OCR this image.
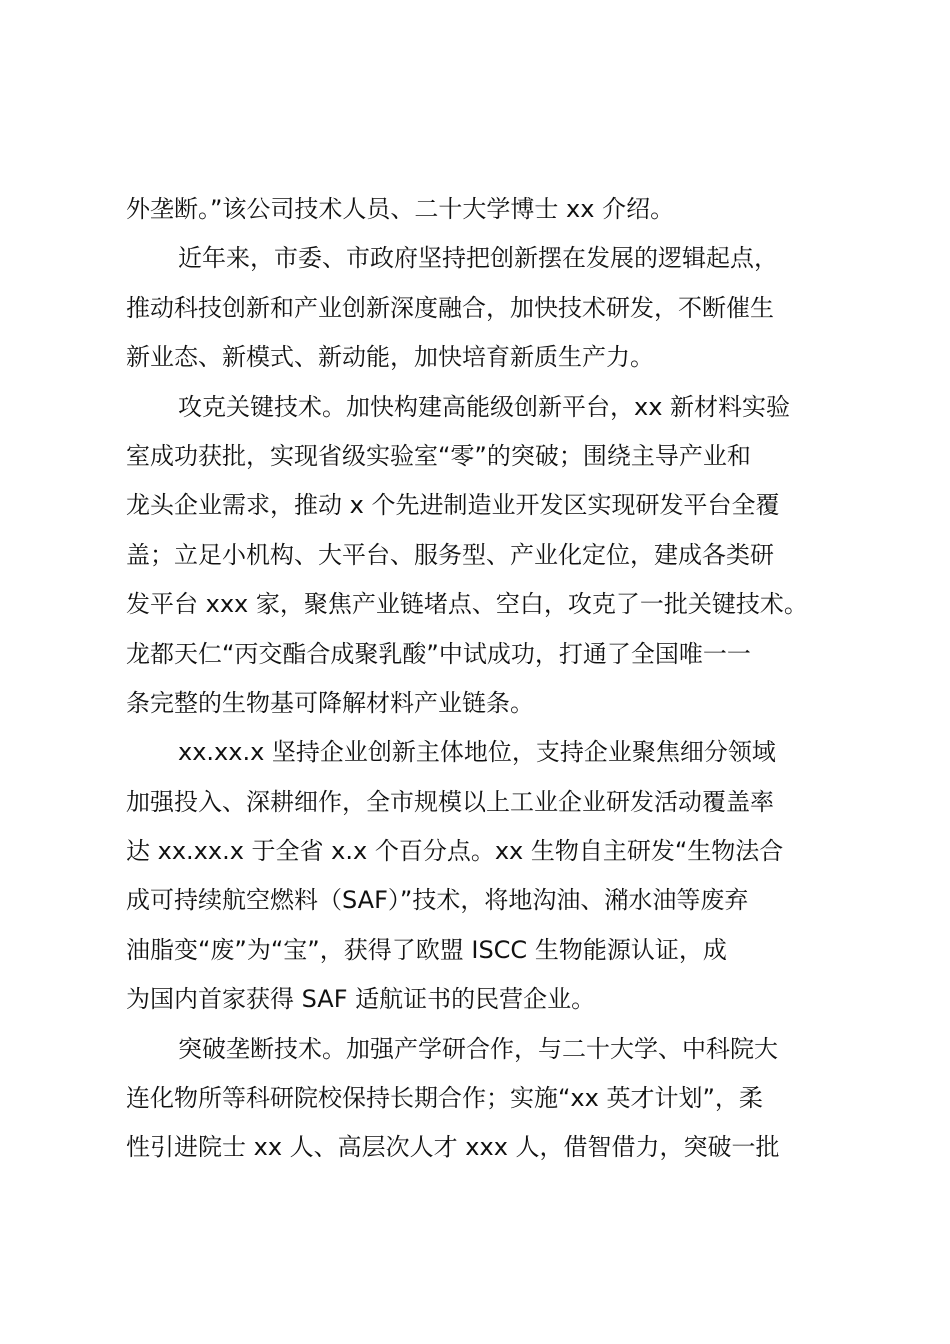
外垄断。”该公司技术人员、二十大学博士 xx 介绍。
近年来，市委、市政府坚持把创新摆在发展的逻辑起点，
推动科技创新和产业创新深度融合，加快技术研发，不断催生
新业态、新模式、新动能，加快培育新质生产力。
攻克关键技术。加快构建高能级创新平台，xx 新材料实验
室成功获批，实现省级实验室“零”的突破；围绕主导产业和
龙头企业需求，推动 x 个先进制造业开发区实现研发平台全覆
盖；立足小机构、大平台、服务型、产业化定位，建成各类研
发平台 xxx 家，聚焦产业链堵点、空白，攻克了一批关键技术。
龙都天仁“丙交酯合成聚乳酸”中试成功，打通了全国唯一一
条完整的生物基可降解材料产业链条。
xx.xx.x 坚持企业创新主体地位，支持企业聚焦细分领域
加强投入、深耕细作，全市规模以上工业企业研发活动覆盖率
达 xx.xx.x 于全省 x.x 个百分点。xx 生物自主研发“生物法合
成可持续航空燃料（SAF）”技术，将地沟油、潲水油等废弃
油脂变“废”为“宝”，获得了欧盟 ISCC 生物能源认证，成
为国内首家获得 SAF 适航证书的民营企业。
突破垄断技术。加强产学研合作，与二十大学、中科院大
连化物所等科研院校保持长期合作；实施“xx 英才计划”，柔
性引进院士 xx 人、高层次人才 xxx 人，借智借力，突破一批
